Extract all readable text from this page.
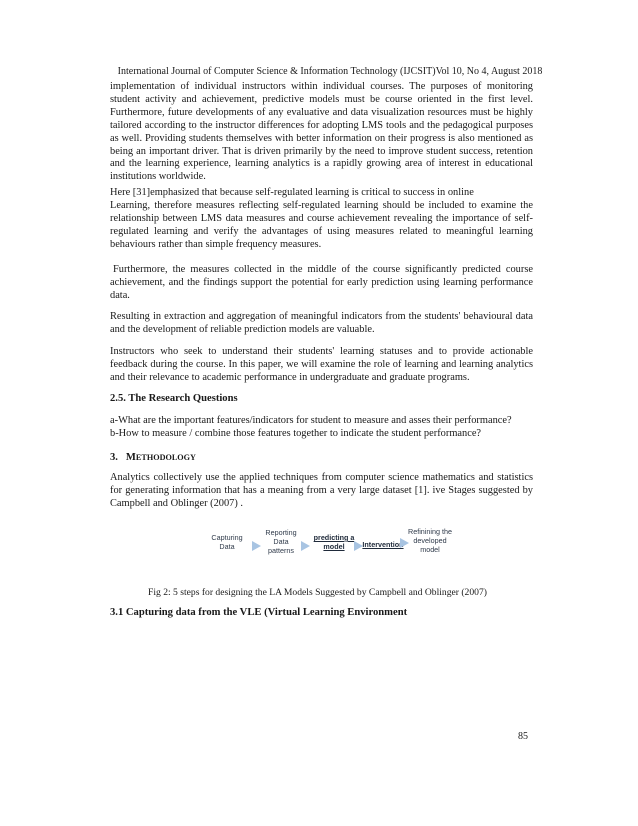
International Journal of Computer Science & Information Technology (IJCSIT)Vol 10, No 4, August 2018

implementation of individual instructors within individual courses. The purposes of monitoring student activity and achievement, predictive models must be course oriented in the first level. Furthermore, future developments of any evaluative and data visualization resources must be highly tailored according to the instructor differences for adopting LMS tools and the pedagogical purposes as well. Providing students themselves with better information on their progress is also mentioned as being an important driver. That is driven primarily by the need to improve student success, retention and the learning experience, learning analytics is a rapidly growing area of interest in educational institutions worldwide.

Here [31]emphasized that because self-regulated learning is critical to success in online

Learning, therefore measures reflecting self-regulated learning should be included to examine the relationship between LMS data measures and course achievement revealing the importance of self-regulated learning and verify the advantages of using measures related to meaningful learning behaviours rather than simple frequency measures.

Furthermore, the measures collected in the middle of the course significantly predicted course achievement, and the findings support the potential for early prediction using learning performance data.

Resulting in extraction and aggregation of meaningful indicators from the students' behavioural data and the development of reliable prediction models are valuable.

Instructors who seek to understand their students' learning statuses and to provide actionable feedback during the course. In this paper, we will examine the role of learning and learning analytics and their relevance to academic performance in undergraduate and graduate programs.

2.5. The Research Questions

a-What are the important features/indicators for student to measure and asses their performance?

b-How to measure / combine those features together to indicate the student performance?

3. METHODOLOGY

Analytics collectively use the applied techniques from computer science mathematics and statistics for generating information that has a meaning from a very large dataset [1]. ive Stages suggested by Campbell and Oblinger (2007) .

Capturing
Data
Reporting
Data
patterns
predicting a
model	Intervention
Refinining the
developed
model
Fig 2: 5 steps for designing the LA Models Suggested by Campbell and Oblinger (2007)
3.1 Capturing data from the VLE (Virtual Learning Environment
85
